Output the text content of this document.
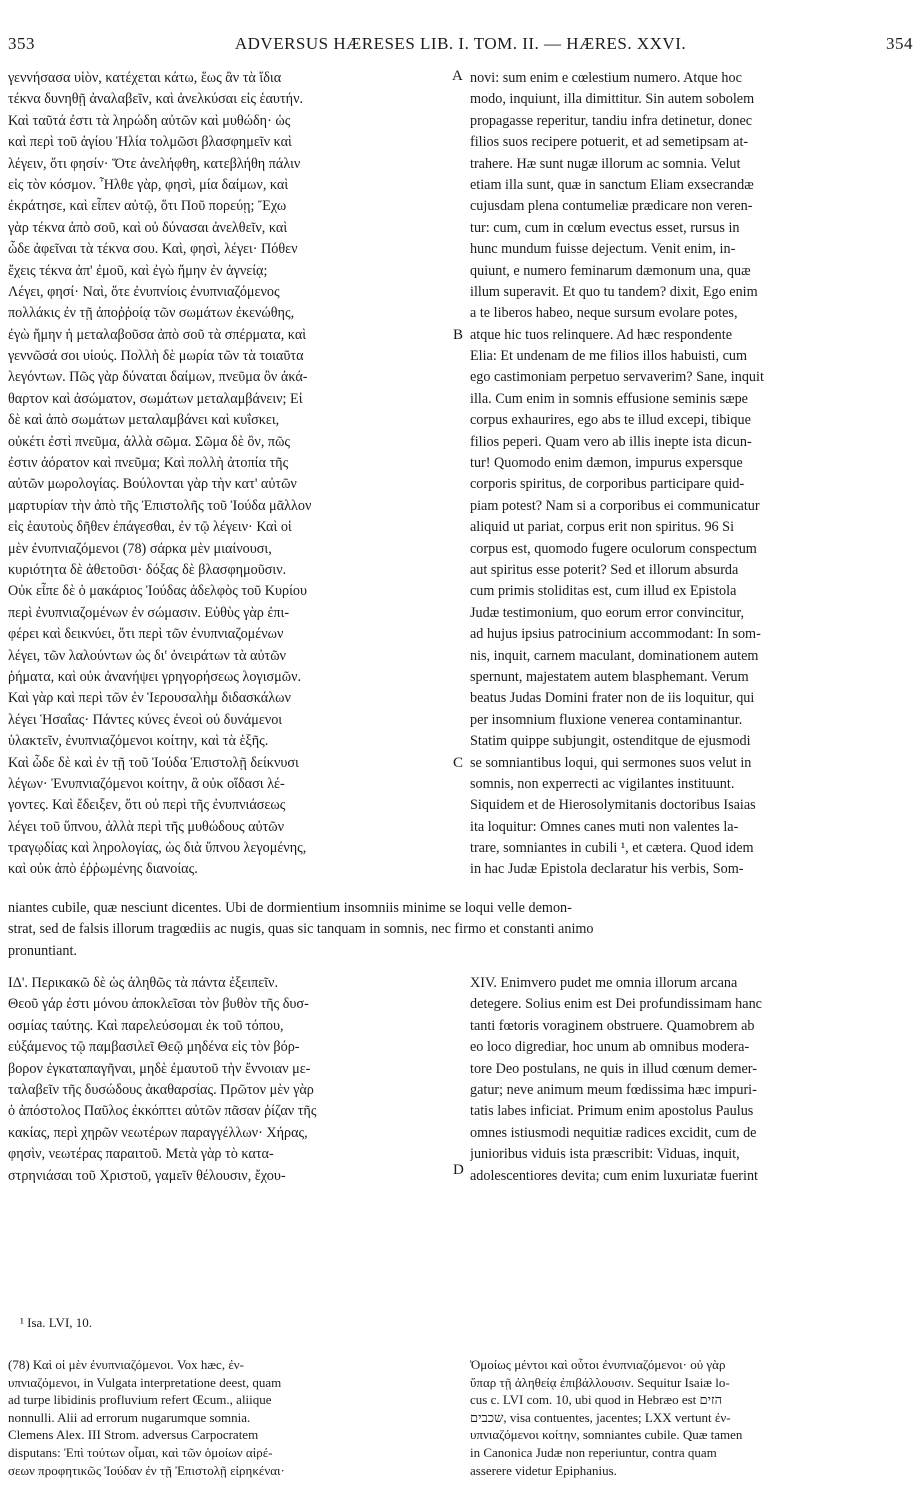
353	ADVERSUS HÆRESES LIB. I. TOM. II. — HÆRES. XXVI.	354
γεννήσασα υἱὸν, κατέχεται κάτω, ἕως ἂν τὰ ἴδια
τέκνα δυνηθῇ ἀναλαβεῖν, καὶ ἀνελκύσαι εἰς ἑαυτήν.
Καὶ ταῦτά ἐστι τὰ ληρώδη αὐτῶν καὶ μυθώδη· ὡς
καὶ περὶ τοῦ ἁγίου Ἠλία τολμῶσι βλασφημεῖν καὶ
λέγειν, ὅτι φησίν· Ὅτε ἀνελήφθη, κατεβλήθη πάλιν
εἰς τὸν κόσμον. Ἦλθε γὰρ, φησὶ, μία δαίμων, καὶ
ἐκράτησε, καὶ εἶπεν αὐτῷ, ὅτι Ποῦ πορεύῃ; Ἔχω
γὰρ τέκνα ἀπὸ σοῦ, καὶ οὐ δύνασαι ἀνελθεῖν, καὶ
ὧδε ἀφεῖναι τὰ τέκνα σου. Καὶ, φησὶ, λέγει· Πόθεν
ἔχεις τέκνα ἀπ' ἐμοῦ, καὶ ἐγὼ ἤμην ἐν ἁγνείᾳ;
Λέγει, φησί· Ναὶ, ὅτε ἐνυπνίοις ἐνυπνιαζόμενος
πολλάκις ἐν τῇ ἀποῤῥοίᾳ τῶν σωμάτων ἐκενώθης,
ἐγὼ ἤμην ἡ μεταλαβοῦσα ἀπὸ σοῦ τὰ σπέρματα, καὶ
γεννῶσά σοι υἱούς. Πολλὴ δὲ μωρία τῶν τὰ τοιαῦτα
λεγόντων. Πῶς γὰρ δύναται δαίμων, πνεῦμα ὂν ἀκά-
θαρτον καὶ ἀσώματον, σωμάτων μεταλαμβάνειν; Εἰ
δὲ καὶ ἀπὸ σωμάτων μεταλαμβάνει καὶ κυΐσκει,
οὐκέτι ἐστὶ πνεῦμα, ἀλλὰ σῶμα. Σῶμα δὲ ὂν, πῶς
ἐστιν ἀόρατον καὶ πνεῦμα; Καὶ πολλὴ ἀτοπία τῆς
αὐτῶν μωρολογίας. Βούλονται γὰρ τὴν κατ' αὐτῶν
μαρτυρίαν τὴν ἀπὸ τῆς Ἐπιστολῆς τοῦ Ἰούδα μᾶλλον
εἰς ἑαυτοὺς δῆθεν ἐπάγεσθαι, ἐν τῷ λέγειν· Καὶ οἱ
μὲν ἐνυπνιαζόμενοι (78) σάρκα μὲν μιαίνουσι,
κυριότητα δὲ ἀθετοῦσι· δόξας δὲ βλασφημοῦσιν.
Οὐκ εἶπε δὲ ὁ μακάριος Ἰούδας ἀδελφὸς τοῦ Κυρίου
περὶ ἐνυπνιαζομένων ἐν σώμασιν. Εὐθὺς γὰρ ἐπι-
φέρει καὶ δεικνύει, ὅτι περὶ τῶν ἐνυπνιαζομένων
λέγει, τῶν λαλούντων ὡς δι' ὀνειράτων τὰ αὐτῶν
ῥήματα, καὶ οὐκ ἀνανήψει γρηγορήσεως λογισμῶν.
Καὶ γὰρ καὶ περὶ τῶν ἐν Ἱερουσαλὴμ διδασκάλων
λέγει Ἡσαΐας· Πάντες κύνες ἐνεοὶ οὐ δυνάμενοι
ὑλακτεῖν, ἐνυπνιαζόμενοι κοίτην, καὶ τὰ ἑξῆς.
Καὶ ὧδε δὲ καὶ ἐν τῇ τοῦ Ἰούδα Ἐπιστολῇ δείκνυσι
λέγων· Ἐνυπνιαζόμενοι κοίτην, ἃ οὐκ οἴδασι λέ-
γοντες. Καὶ ἔδειξεν, ὅτι οὐ περὶ τῆς ἐνυπνιάσεως
λέγει τοῦ ὕπνου, ἀλλὰ περὶ τῆς μυθώδους αὐτῶν
τραγῳδίας καὶ ληρολογίας, ὡς διὰ ὕπνου λεγομένης,
καὶ οὐκ ἀπὸ ἐῤῥωμένης διανοίας.
novi: sum enim e cœlestium numero. Atque hoc
modo, inquiunt, illa dimittitur. Sin autem sobolem
propagasse reperitur, tandiu infra detinetur, donec
filios suos recipere potuerit, et ad semetipsam at-
trahere. Hæ sunt nugæ illorum ac somnia. Velut
etiam illa sunt, quæ in sanctum Eliam exsecrandæ
cujusdam plena contumeliæ prædicare non veren-
tur: cum, cum in cœlum evectus esset, rursus in
hunc mundum fuisse dejectum. Venit enim, in-
quiunt, e numero feminarum dæmonum una, quæ
illum superavit. Et quo tu tandem? dixit, Ego enim
a te liberos habeo, neque sursum evolare potes,
atque hic tuos relinquere. Ad hæc respondente
Elia: Et undenam de me filios illos habuisti, cum
ego castimoniam perpetuo servaverim? Sane, inquit
illa. Cum enim in somnis effusione seminis sæpe
corpus exhaurires, ego abs te illud excepi, tibique
filios peperi. Quam vero ab illis inepte ista dicun-
tur! Quomodo enim dæmon, impurus expersque
corporis spiritus, de corporibus participare quid-
piam potest? Nam si a corporibus ei communicatur
aliquid ut pariat, corpus erit non spiritus. 96 Si
corpus est, quomodo fugere oculorum conspectum
aut spiritus esse poterit? Sed et illorum absurda
cum primis stoliditas est, cum illud ex Epistola
Judæ testimonium, quo eorum error convincitur,
ad hujus ipsius patrocinium accommodant: In som-
nis, inquit, carnem maculant, dominationem autem
spernunt, majestatem autem blasphemant. Verum
beatus Judas Domini frater non de iis loquitur, qui
per insomnium fluxione venerea contaminantur.
Statim quippe subjungit, ostenditque de ejusmodi
se somniantibus loqui, qui sermones suos velut in
somnis, non experrecti ac vigilantes instituunt.
Siquidem et de Hierosolymitanis doctoribus Isaias
ita loquitur: Omnes canes muti non valentes la-
trare, somniantes in cubili ¹, et cætera. Quod idem
in hac Judæ Epistola declaratur his verbis, Som-
A
B
C
D
niantes cubile, quæ nesciunt dicentes. Ubi de dormientium insomniis minime se loqui velle demon-
strat, sed de falsis illorum tragœdiis ac nugis, quas sic tanquam in somnis, nec firmo et constanti animo
pronuntiant.
ΙΔ'. Περικακῶ δὲ ὡς ἀληθῶς τὰ πάντα ἐξειπεῖν.
Θεοῦ γάρ ἐστι μόνου ἀποκλεῖσαι τὸν βυθὸν τῆς δυσ-
οσμίας ταύτης. Καὶ παρελεύσομαι ἐκ τοῦ τόπου,
εὐξάμενος τῷ παμβασιλεῖ Θεῷ μηδένα εἰς τὸν βόρ-
βορον ἐγκαταπαγῆναι, μηδὲ ἐμαυτοῦ τὴν ἔννοιαν με-
ταλαβεῖν τῆς δυσώδους ἀκαθαρσίας. Πρῶτον μὲν γὰρ
ὁ ἀπόστολος Παῦλος ἐκκόπτει αὐτῶν πᾶσαν ῥίζαν τῆς
κακίας, περὶ χηρῶν νεωτέρων παραγγέλλων· Χήρας,
φησὶν, νεωτέρας παραιτοῦ. Μετὰ γὰρ τὸ κατα-
στρηνιάσαι τοῦ Χριστοῦ, γαμεῖν θέλουσιν, ἔχου-
XIV. Enimvero pudet me omnia illorum arcana
detegere. Solius enim est Dei profundissimam hanc
tanti fœtoris voraginem obstruere. Quamobrem ab
eo loco digrediar, hoc unum ab omnibus modera-
tore Deo postulans, ne quis in illud cœnum demer-
gatur; neve animum meum fœdissima hæc impuri-
tatis labes inficiat. Primum enim apostolus Paulus
omnes istiusmodi nequitiæ radices excidit, cum de
junioribus viduis ista præscribit: Viduas, inquit,
adolescentiores devita; cum enim luxuriatæ fuerint
¹ Isa. LVI, 10.
(78) Καὶ οἱ μὲν ἐνυπνιαζόμενοι. Vox hæc, ἐν-
υπνιαζόμενοι, in Vulgata interpretatione deest, quam
ad turpe libidinis profluvium refert Œcum., aliique
nonnulli. Alii ad errorum nugarumque somnia.
Clemens Alex. III Strom. adversus Carpocratem
disputans: Ἐπὶ τούτων οἶμαι, καὶ τῶν ὁμοίων αἱρέ-
σεων προφητικῶς Ἰούδαν ἐν τῇ Ἐπιστολῇ εἰρηκέναι·
Ὁμοίως μέντοι καὶ οὗτοι ἐνυπνιαζόμενοι· οὐ γὰρ
ὕπαρ τῇ ἀληθείᾳ ἐπιβάλλουσιν. Sequitur Isaiæ lo-
cus c. LVI com. 10, ubi quod in Hebræo est הזים
שכבים, visa contuentes, jacentes; LXX vertunt ἐν-
υπνιαζόμενοι κοίτην, somniantes cubile. Quæ tamen
in Canonica Judæ non reperiuntur, contra quam
asserere videtur Epiphanius.
